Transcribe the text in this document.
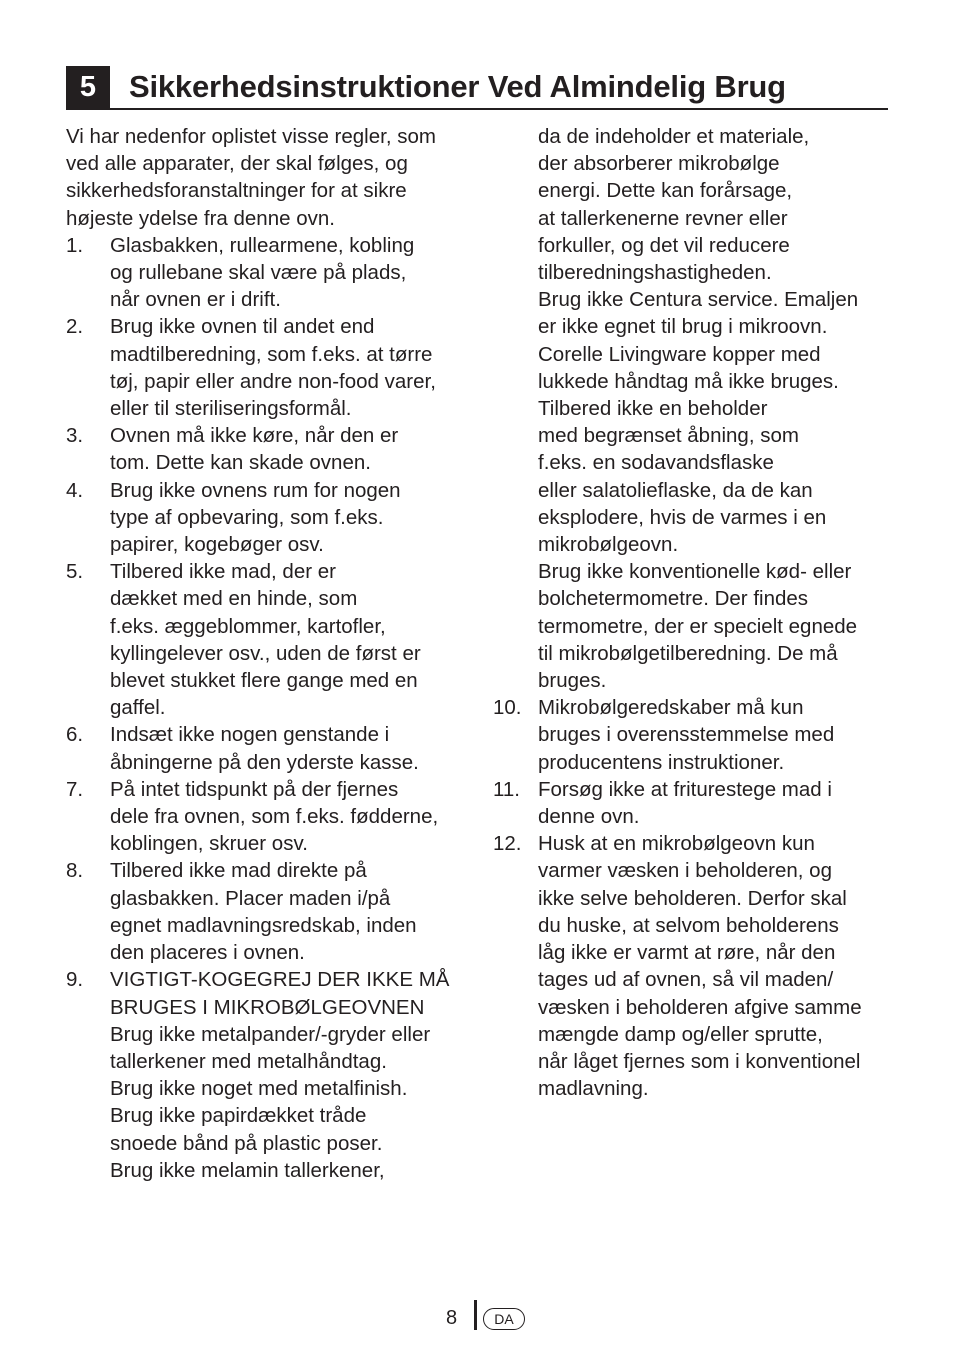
5	Sikkerhedsinstruktioner Ved Almindelig Brug

Vi har nedenfor oplistet visse regler, som
ved alle apparater, der skal følges, og
sikkerhedsforanstaltninger for at sikre
højeste ydelse fra denne ovn.

1. Glasbakken, rullearmene, kobling
og rullebane skal være på plads,
når ovnen er i drift.
2. Brug ikke ovnen til andet end
madtilberedning, som f.eks. at tørre
tøj, papir eller andre non-food varer,
eller til steriliseringsformål.
3. Ovnen må ikke køre, når den er
tom. Dette kan skade ovnen.
4. Brug ikke ovnens rum for nogen
type af opbevaring, som f.eks.
papirer, kogebøger osv.
5. Tilbered ikke mad, der er
dækket med en hinde, som
f.eks. æggeblommer, kartofler,
kyllingelever osv., uden de først er
blevet stukket flere gange med en
gaffel.
6. Indsæt ikke nogen genstande i
åbningerne på den yderste kasse.
7. På intet tidspunkt på der fjernes
dele fra ovnen, som f.eks. fødderne,
koblingen, skruer osv.
8. Tilbered ikke mad direkte på
glasbakken. Placer maden i/på
egnet madlavningsredskab, inden
den placeres i ovnen.
9. VIGTIGT-KOGEGREJ DER IKKE MÅ
BRUGES I MIKROBØLGEOVNEN
Brug ikke metalpander/-gryder eller
tallerkener med metalhåndtag.
Brug ikke noget med metalfinish.
Brug ikke papirdækket tråde
snoede bånd på plastic poser.
Brug ikke melamin tallerkener,
da de indeholder et materiale,
der absorberer mikrobølge
energi. Dette kan forårsage,
at tallerkenerne revner eller
forkuller, og det vil reducere
tilberedningshastigheden.
Brug ikke Centura service. Emaljen
er ikke egnet til brug i mikroovn.
Corelle Livingware kopper med
lukkede håndtag må ikke bruges.
Tilbered ikke en beholder
med begrænset åbning, som
f.eks. en sodavandsflaske
eller salatolieflaske, da de kan
eksplodere, hvis de varmes i en
mikrobølgeovn.
Brug ikke konventionelle kød- eller
bolchetermometre. Der findes
termometre, der er specielt egnede
til mikrobølgetilberedning. De må
bruges.
10. Mikrobølgeredskaber må kun
bruges i overensstemmelse med
producentens instruktioner.
11. Forsøg ikke at friturestege mad i
denne ovn.
12. Husk at en mikrobølgeovn kun
varmer væsken i beholderen, og
ikke selve beholderen. Derfor skal
du huske, at selvom beholderens
låg ikke er varmt at røre, når den
tages ud af ovnen, så vil maden/
væsken i beholderen afgive samme
mængde damp og/eller sprutte,
når låget fjernes som i konventionel
madlavning.
8	DA
